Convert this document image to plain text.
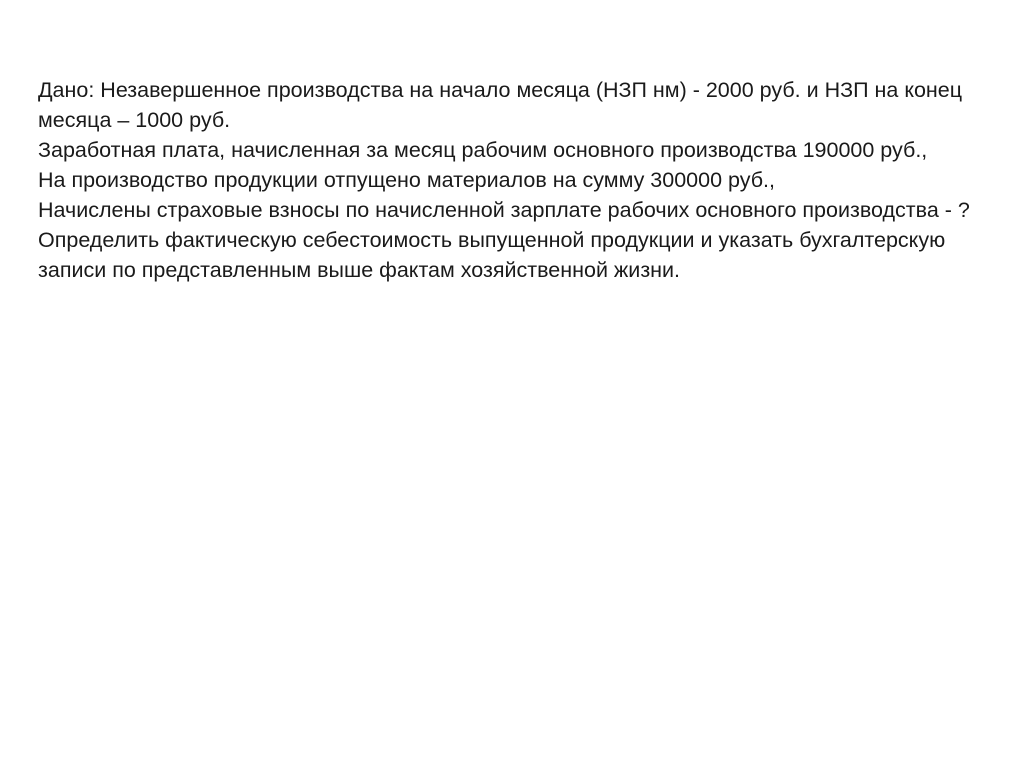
Дано: Незавершенное производства на начало месяца (НЗП нм) - 2000 руб. и НЗП на конец месяца – 1000 руб.

Заработная плата, начисленная за месяц рабочим основного производства 190000 руб.,

На производство продукции отпущено материалов на сумму 300000 руб.,

Начислены страховые взносы по начисленной зарплате рабочих основного производства - ?

Определить фактическую себестоимость выпущенной продукции и указать бухгалтерскую записи по представленным выше фактам хозяйственной жизни.
